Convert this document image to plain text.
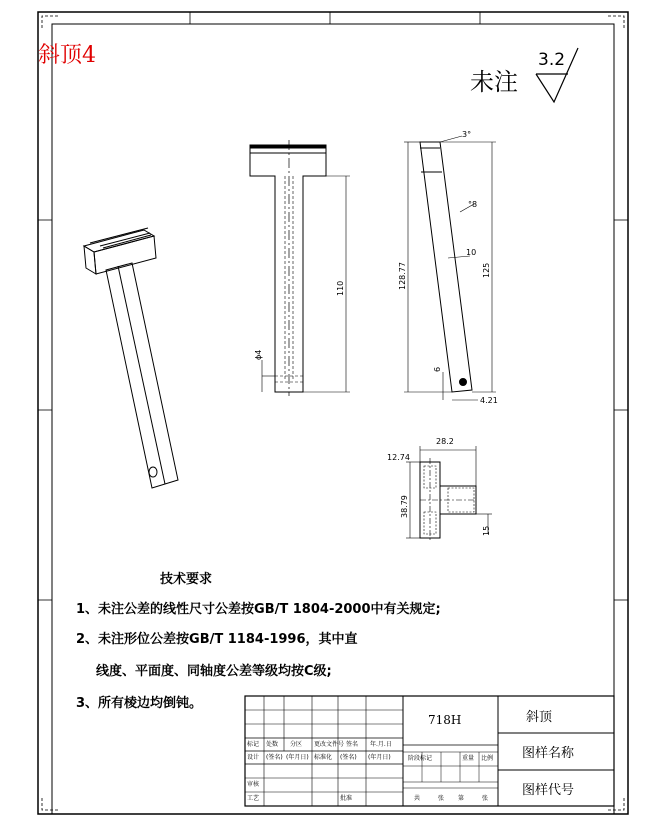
斜顶4
未注
3.2
110
ϕ4
128.77	125
3°
°8
10
6
4.21
28.2
12.74
38.79
15
技术要求
1、未注公差的线性尺寸公差按GB/T 1804-2000中有关规定;
2、未注形位公差按GB/T 1184-1996，其中直
线度、平面度、同轴度公差等级均按C级;
3、所有棱边均倒钝。
718H	斜顶
图样名称
图样代号
标记 处数 分区 更改文件号 签名 年.月.日
设计 (签名) (年月日) 标准化 (签名) (年月日)	阶段标记	重量 比例
审核
工艺	批准	共	张 第	张
